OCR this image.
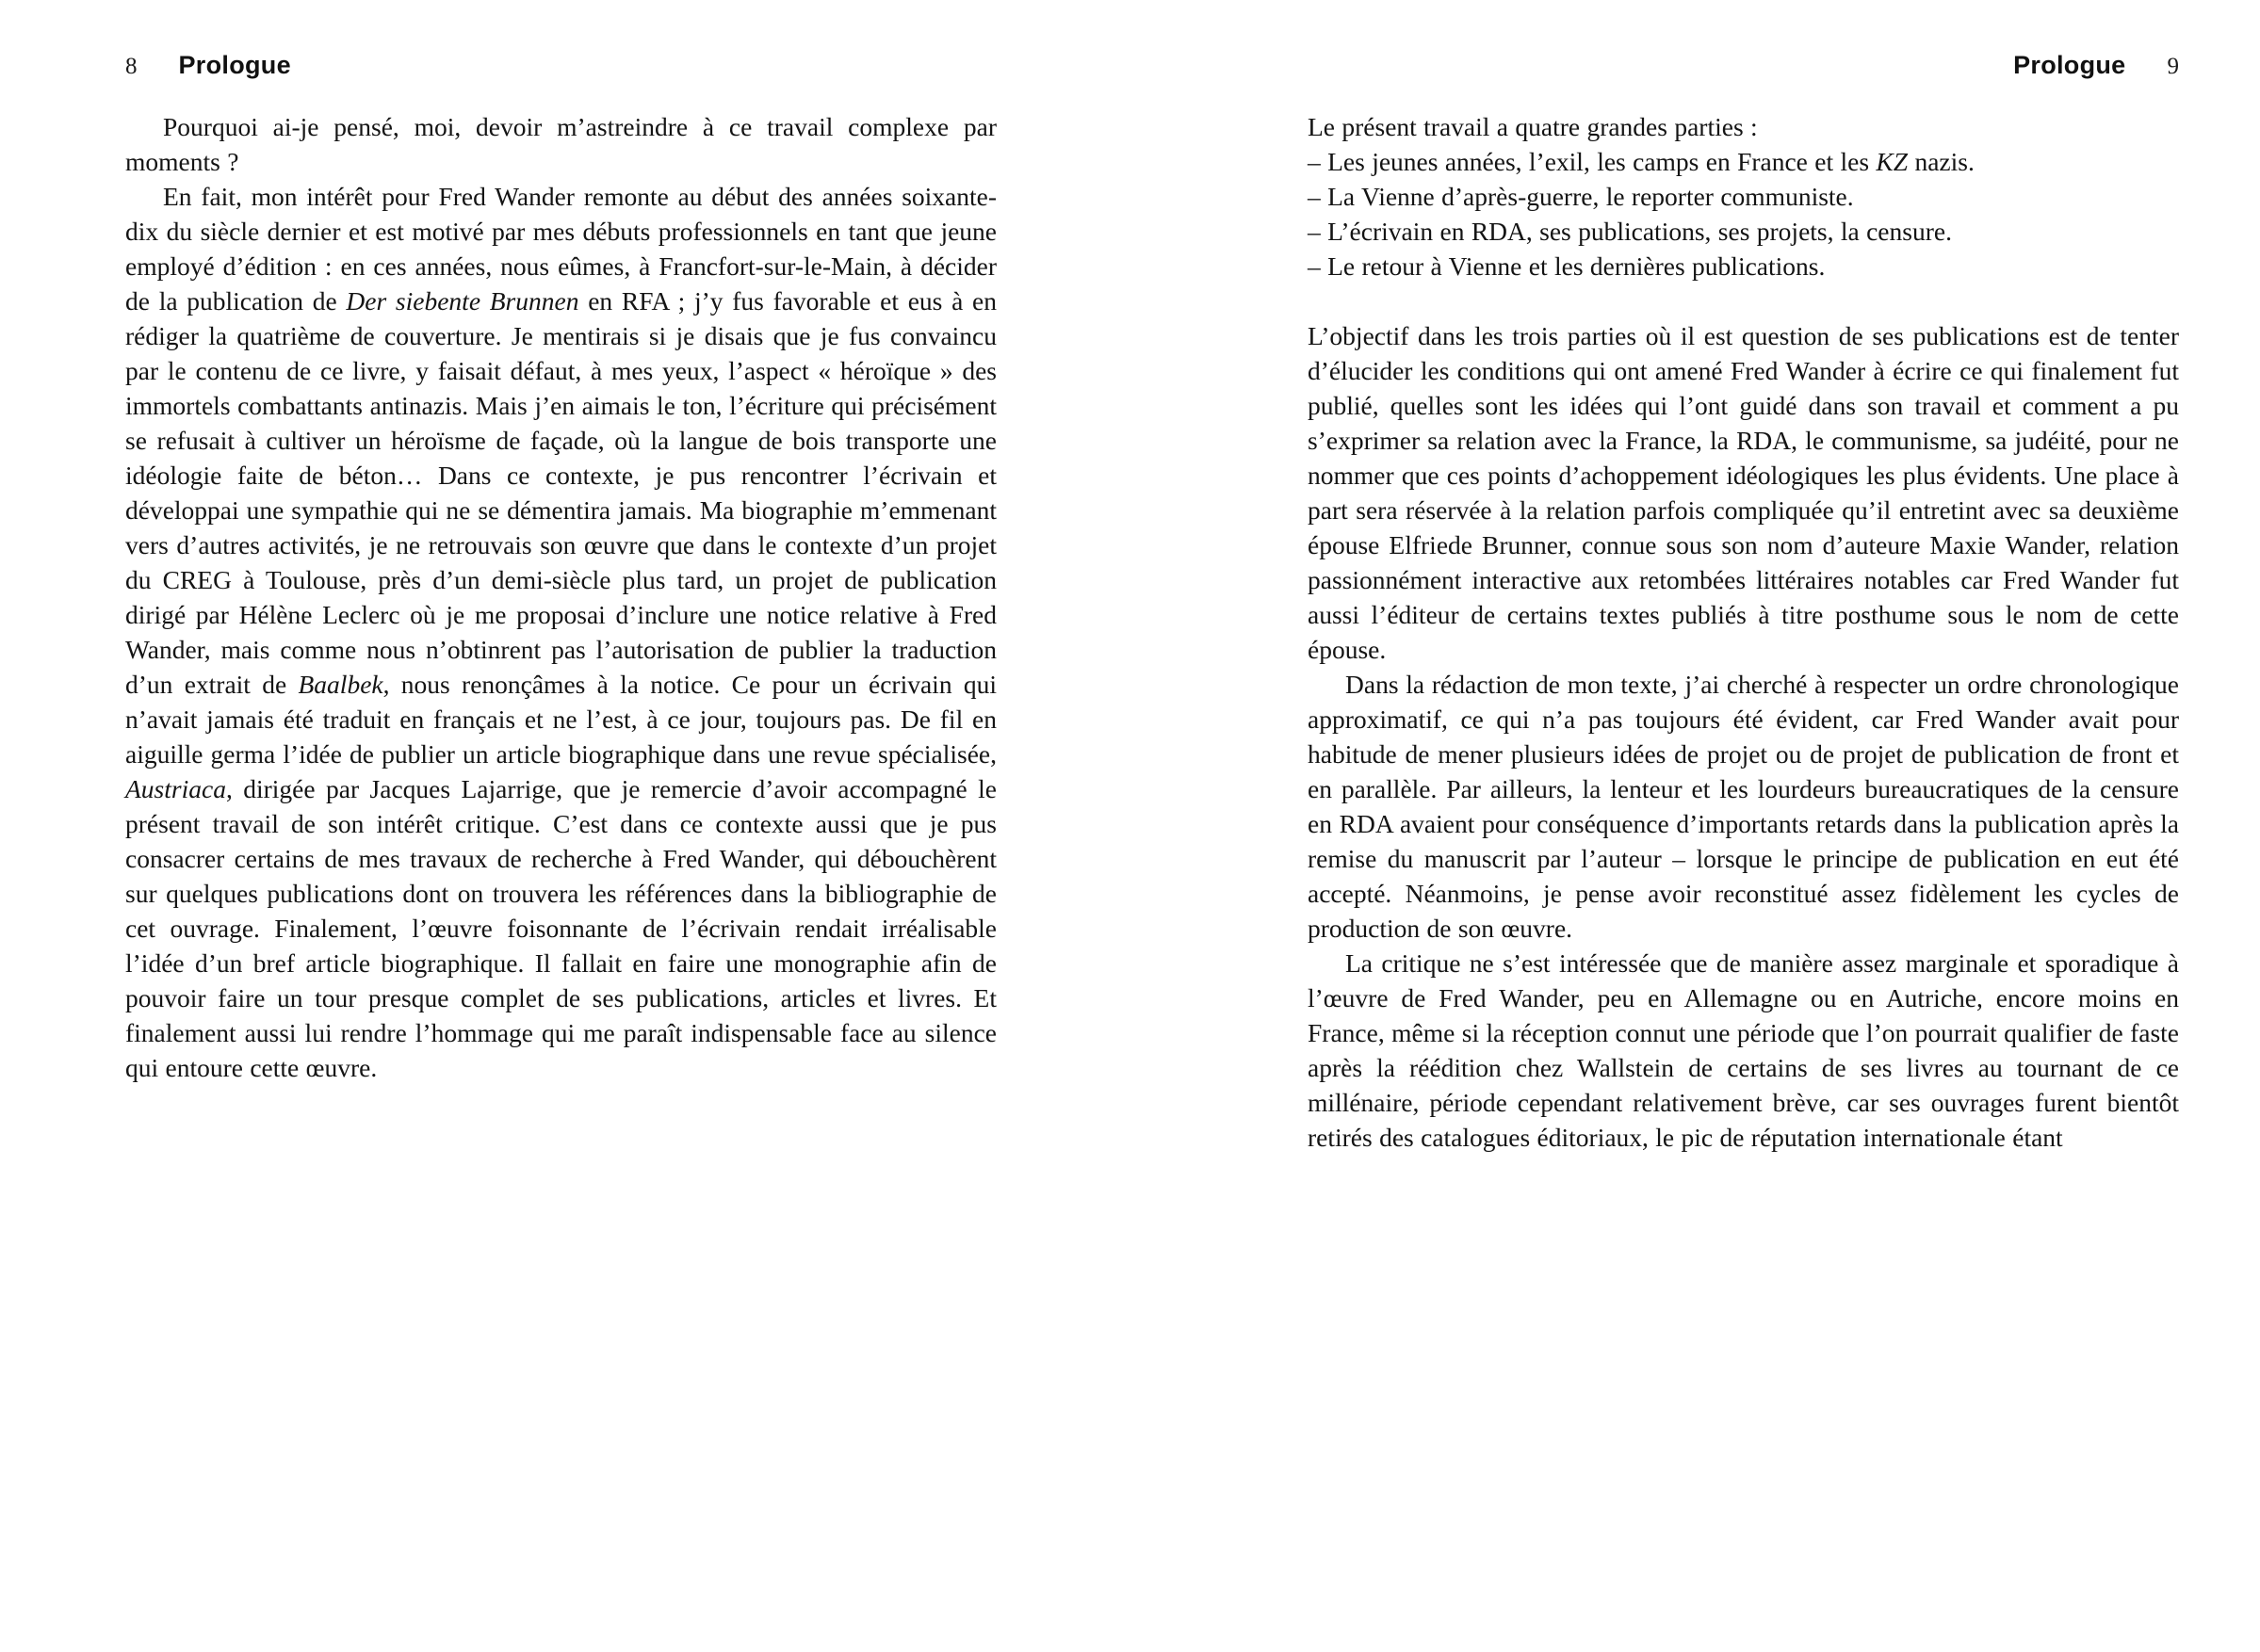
8 Prologue

Pourquoi ai-je pensé, moi, devoir m’astreindre à ce travail complexe par moments ?

En fait, mon intérêt pour Fred Wander remonte au début des années soixante-dix du siècle dernier et est motivé par mes débuts professionnels en tant que jeune employé d’édition : en ces années, nous eûmes, à Francfort-sur-le-Main, à décider de la publication de Der siebente Brunnen en RFA ; j’y fus favorable et eus à en rédiger la quatrième de couverture. Je mentirais si je disais que je fus convaincu par le contenu de ce livre, y faisait défaut, à mes yeux, l’aspect « héroïque » des immortels combattants antinazis. Mais j’en aimais le ton, l’écriture qui précisément se refusait à cultiver un héroïsme de façade, où la langue de bois transporte une idéologie faite de béton… Dans ce contexte, je pus rencontrer l’écrivain et développai une sympathie qui ne se démentira jamais. Ma biographie m’emmenant vers d’autres activités, je ne retrouvais son œuvre que dans le contexte d’un projet du CREG à Toulouse, près d’un demi-siècle plus tard, un projet de publication dirigé par Hélène Leclerc où je me proposai d’inclure une notice relative à Fred Wander, mais comme nous n’obtinrent pas l’autorisation de publier la traduction d’un extrait de Baalbek, nous renonçâmes à la notice. Ce pour un écrivain qui n’avait jamais été traduit en français et ne l’est, à ce jour, toujours pas. De fil en aiguille germa l’idée de publier un article biographique dans une revue spécialisée, Austriaca, dirigée par Jacques Lajarrige, que je remercie d’avoir accompagné le présent travail de son intérêt critique. C’est dans ce contexte aussi que je pus consacrer certains de mes travaux de recherche à Fred Wander, qui débouchèrent sur quelques publications dont on trouvera les références dans la bibliographie de cet ouvrage. Finalement, l’œuvre foisonnante de l’écrivain rendait irréalisable l’idée d’un bref article biographique. Il fallait en faire une monographie afin de pouvoir faire un tour presque complet de ses publications, articles et livres. Et finalement aussi lui rendre l’hommage qui me paraît indispensable face au silence qui entoure cette œuvre.

Prologue 9

Le présent travail a quatre grandes parties :

– Les jeunes années, l’exil, les camps en France et les KZ nazis.

– La Vienne d’après-guerre, le reporter communiste.

– L’écrivain en RDA, ses publications, ses projets, la censure.

– Le retour à Vienne et les dernières publications.

L’objectif dans les trois parties où il est question de ses publications est de tenter d’élucider les conditions qui ont amené Fred Wander à écrire ce qui finalement fut publié, quelles sont les idées qui l’ont guidé dans son travail et comment a pu s’exprimer sa relation avec la France, la RDA, le communisme, sa judéité, pour ne nommer que ces points d’achoppement idéologiques les plus évidents. Une place à part sera réservée à la relation parfois compliquée qu’il entretint avec sa deuxième épouse Elfriede Brunner, connue sous son nom d’auteure Maxie Wander, relation passionnément interactive aux retombées littéraires notables car Fred Wander fut aussi l’éditeur de certains textes publiés à titre posthume sous le nom de cette épouse.

Dans la rédaction de mon texte, j’ai cherché à respecter un ordre chronologique approximatif, ce qui n’a pas toujours été évident, car Fred Wander avait pour habitude de mener plusieurs idées de projet ou de projet de publication de front et en parallèle. Par ailleurs, la lenteur et les lourdeurs bureaucratiques de la censure en RDA avaient pour conséquence d’importants retards dans la publication après la remise du manuscrit par l’auteur – lorsque le principe de publication en eut été accepté. Néanmoins, je pense avoir reconstitué assez fidèlement les cycles de production de son œuvre.

La critique ne s’est intéressée que de manière assez marginale et sporadique à l’œuvre de Fred Wander, peu en Allemagne ou en Autriche, encore moins en France, même si la réception connut une période que l’on pourrait qualifier de faste après la réédition chez Wallstein de certains de ses livres au tournant de ce millénaire, période cependant relativement brève, car ses ouvrages furent bientôt retirés des catalogues éditoriaux, le pic de réputation internationale étant
